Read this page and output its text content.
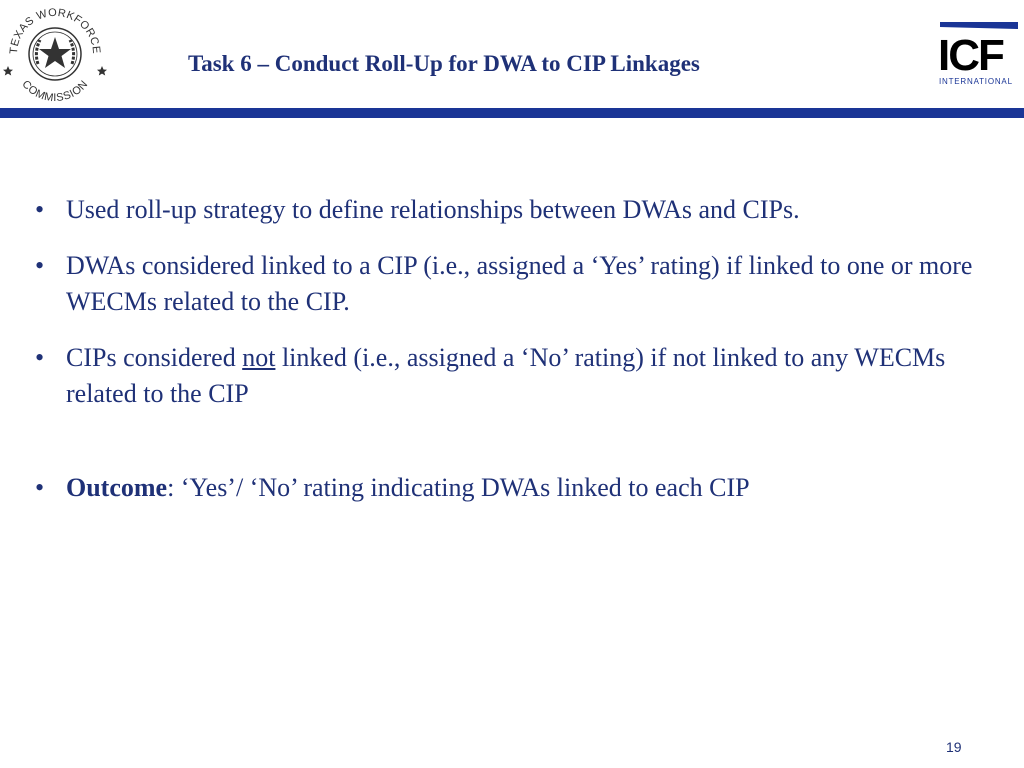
TEXAS WORKFORCE
COMMISSION
Task 6 – Conduct Roll-Up for DWA to CIP Linkages	ICF
INTERNATIONAL
• Used roll-up strategy to define relationships between DWAs and CIPs.
• DWAs considered linked to a CIP (i.e., assigned a ‘Yes’ rating) if linked to one or more WECMs related to the CIP.
• CIPs considered not linked (i.e., assigned a ‘No’ rating) if not linked to any WECMs related to the CIP
• Outcome: ‘Yes’/ ‘No’ rating indicating DWAs linked to each CIP
19
